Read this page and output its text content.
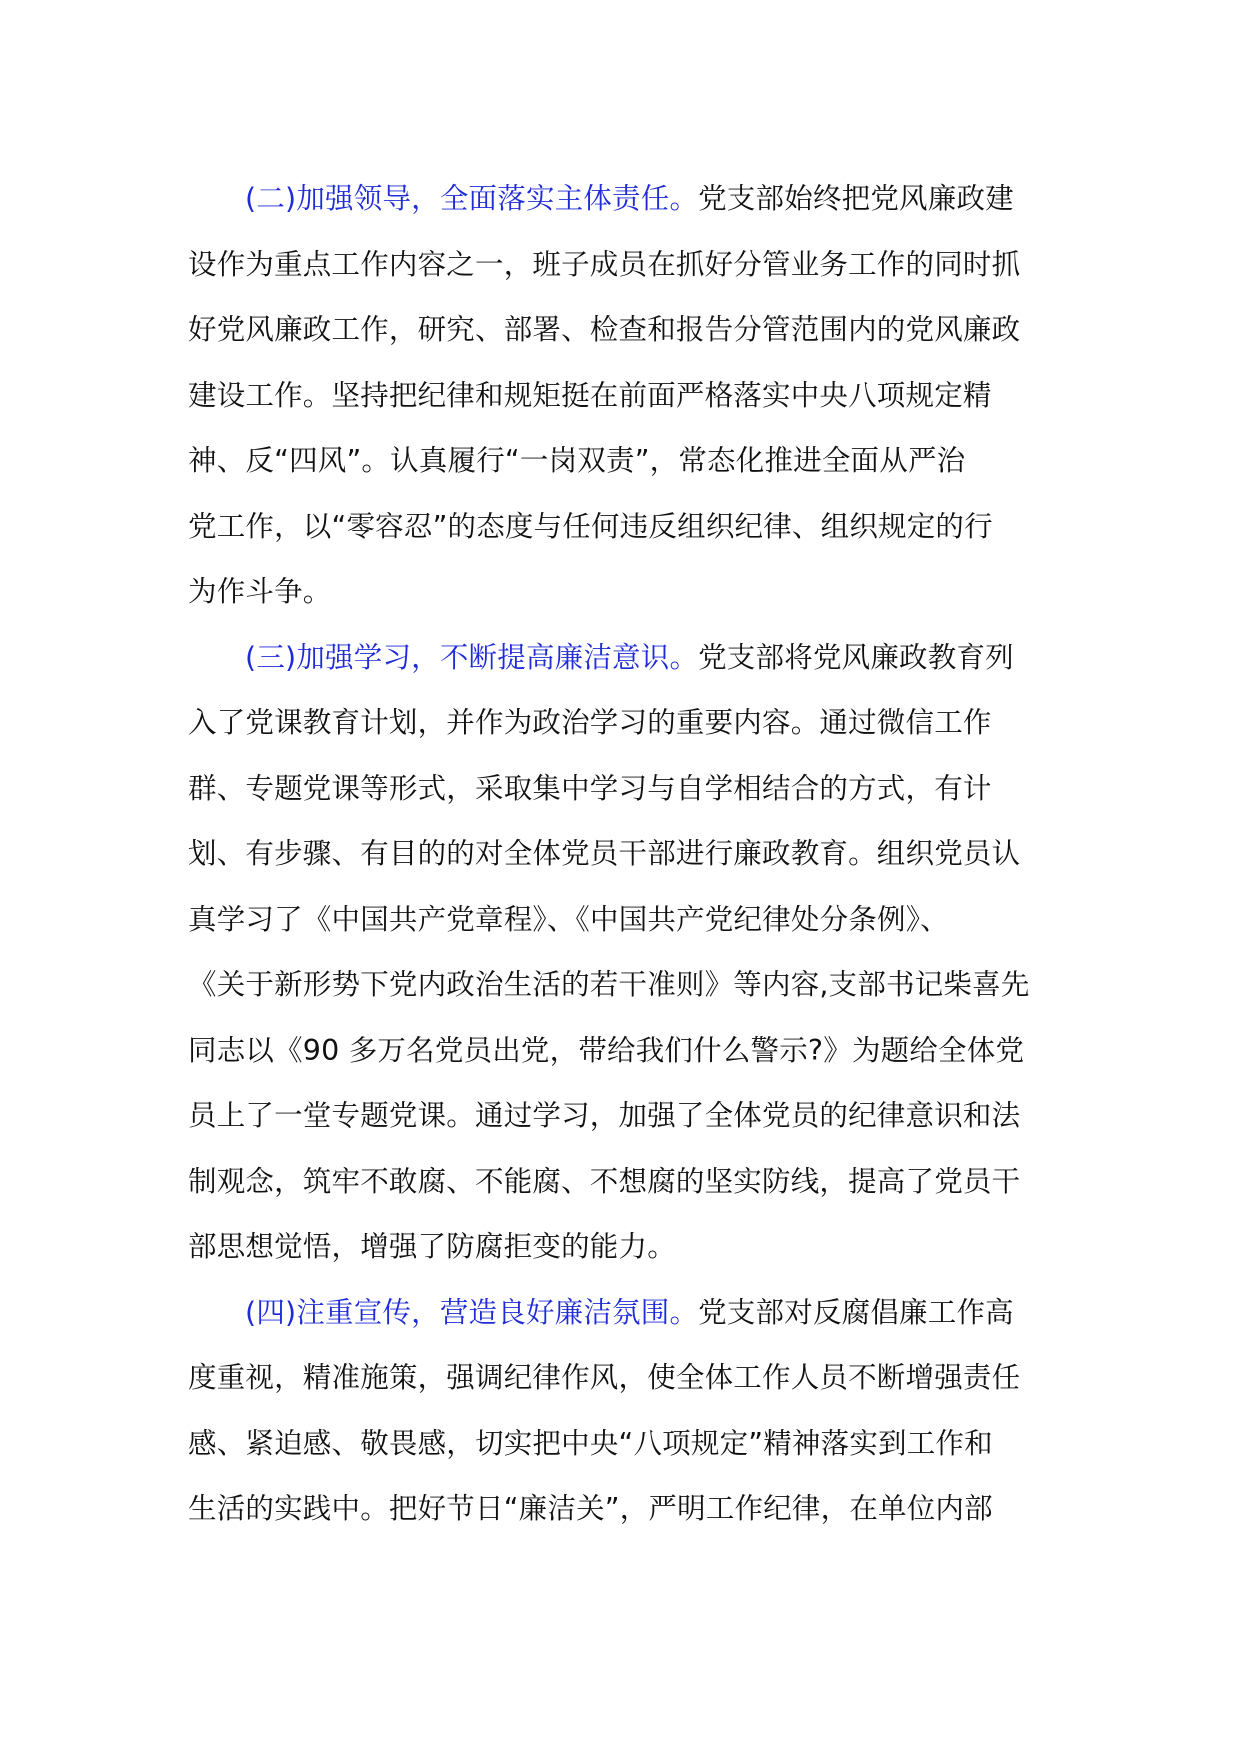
(二)加强领导，全面落实主体责任。党支部始终把党风廉政建
设作为重点工作内容之一，班子成员在抓好分管业务工作的同时抓
好党风廉政工作，研究、部署、检查和报告分管范围内的党风廉政
建设工作。坚持把纪律和规矩挺在前面严格落实中央八项规定精
神、反“四风”。认真履行“一岗双责”，常态化推进全面从严治
党工作，以“零容忍”的态度与任何违反组织纪律、组织规定的行
为作斗争。
(三)加强学习，不断提高廉洁意识。党支部将党风廉政教育列
入了党课教育计划，并作为政治学习的重要内容。通过微信工作
群、专题党课等形式，采取集中学习与自学相结合的方式，有计
划、有步骤、有目的的对全体党员干部进行廉政教育。组织党员认
真学习了《中国共产党章程》、《中国共产党纪律处分条例》、
《关于新形势下党内政治生活的若干准则》等内容,支部书记柴喜先
同志以《90 多万名党员出党，带给我们什么警示?》为题给全体党
员上了一堂专题党课。通过学习，加强了全体党员的纪律意识和法
制观念，筑牢不敢腐、不能腐、不想腐的坚实防线，提高了党员干
部思想觉悟，增强了防腐拒变的能力。
(四)注重宣传，营造良好廉洁氛围。党支部对反腐倡廉工作高
度重视，精准施策，强调纪律作风，使全体工作人员不断增强责任
感、紧迫感、敬畏感，切实把中央“八项规定”精神落实到工作和
生活的实践中。把好节日“廉洁关”，严明工作纪律，在单位内部
